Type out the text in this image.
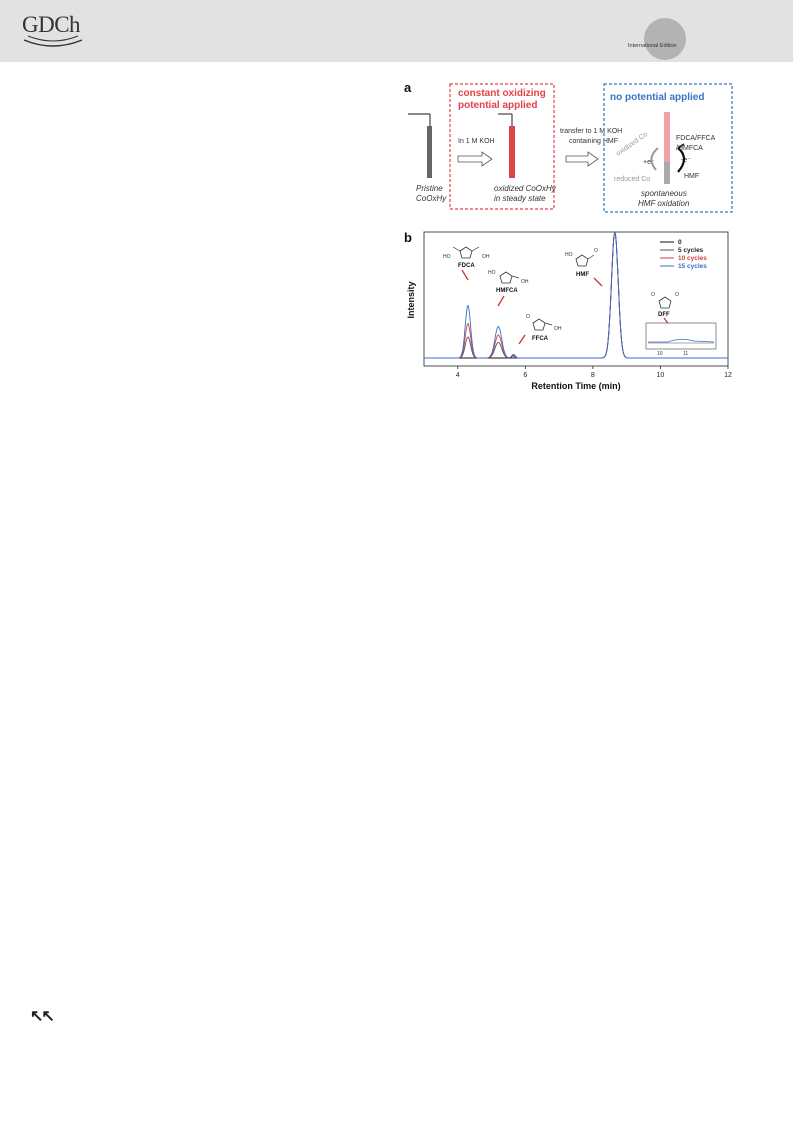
GDCh
International Edition
a
Pristine
CoOxHy
constant oxidizing
potential applied
In 1 M KOH
oxidized CoOxHy
in steady state
transfer to 1 M KOH
containing HMF
no potential applied
FDCA/FFCA
/HMFCA
oxidized Co
reduced Co
+e⁻	-e⁻
HMF
spontaneous
HMF oxidation
b
4	6	8	10	12
Retention Time (min)
Intensity
0
5 cycles
10 cycles
15 cycles
HO	OH
FDCA
HO
OH
HMFCA
O
OH
FFCA
HO
O
HMF
O	O
DFF
10	11
↖↖
